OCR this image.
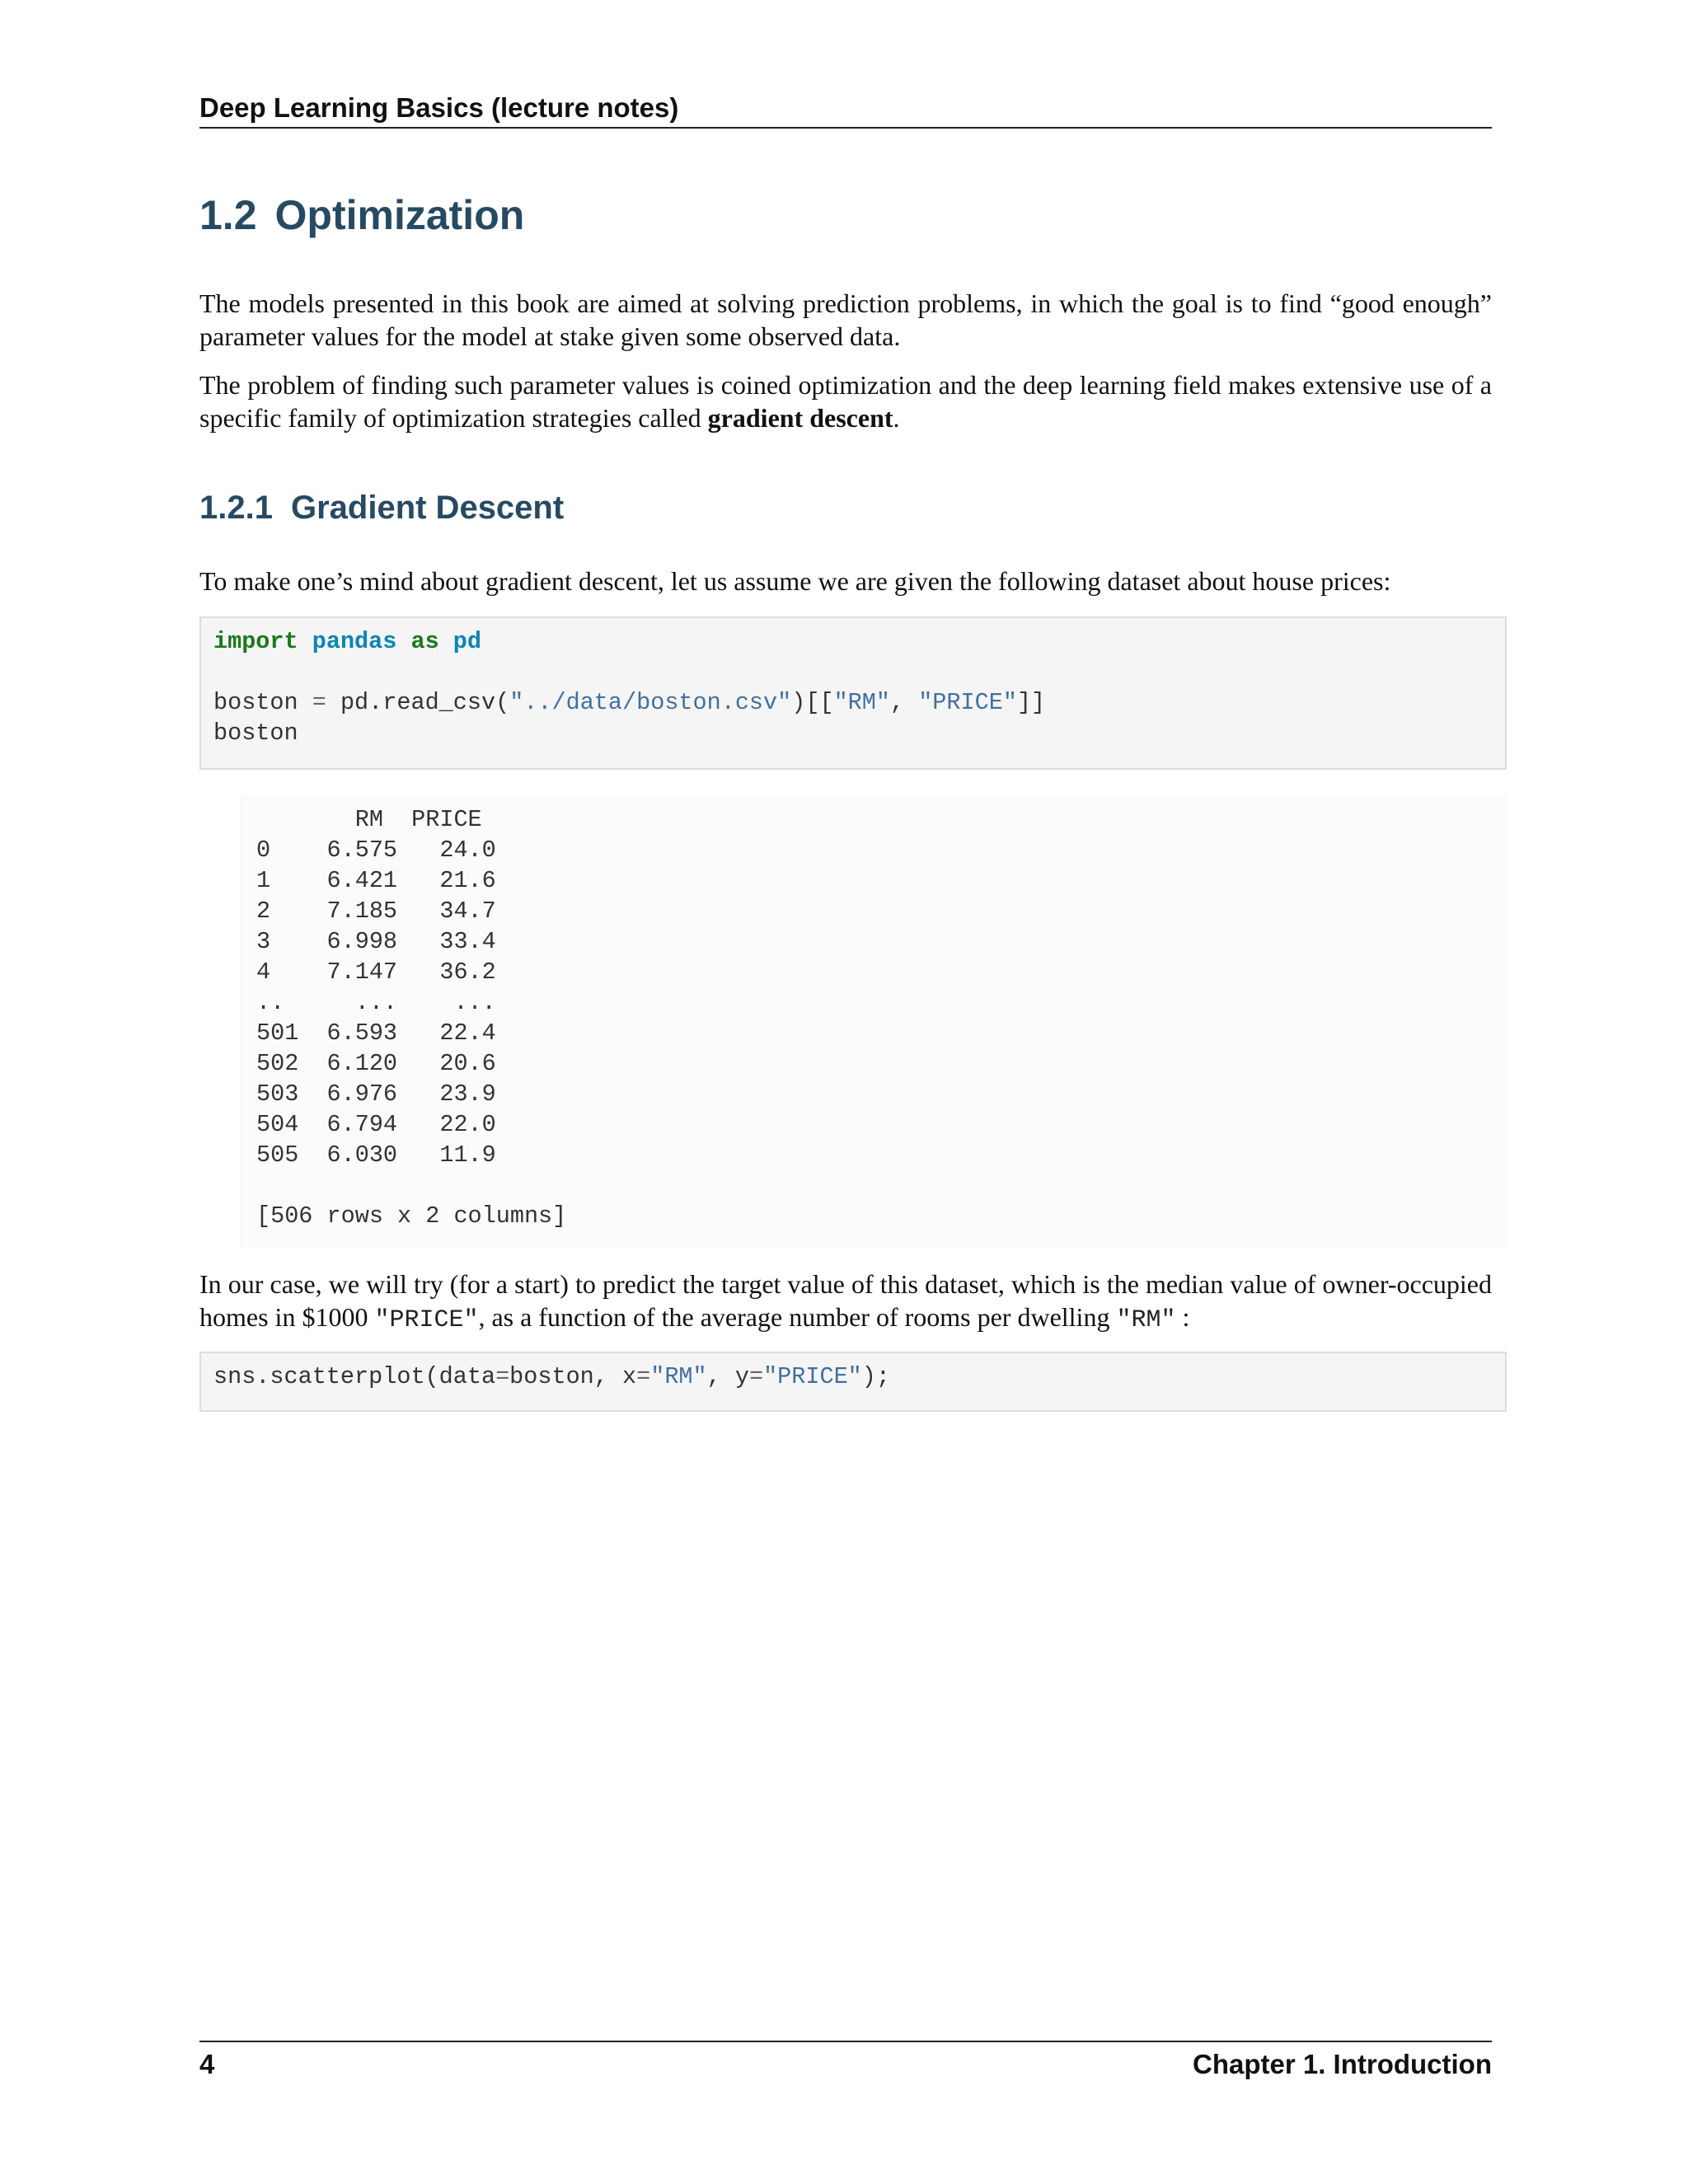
Deep Learning Basics (lecture notes)
1.2 Optimization

The models presented in this book are aimed at solving prediction problems, in which the goal is to find “good enough” parameter values for the model at stake given some observed data.

The problem of finding such parameter values is coined optimization and the deep learning field makes extensive use of a specific family of optimization strategies called gradient descent.

1.2.1 Gradient Descent

To make one’s mind about gradient descent, let us assume we are given the following dataset about house prices:

import pandas as pd

boston = pd.read_csv("../data/boston.csv")[["RM", "PRICE"]]
boston
RM  PRICE
0    6.575   24.0
1    6.421   21.6
2    7.185   34.7
3    6.998   33.4
4    7.147   36.2
..     ...    ...
501  6.593   22.4
502  6.120   20.6
503  6.976   23.9
504  6.794   22.0
505  6.030   11.9

[506 rows x 2 columns]

In our case, we will try (for a start) to predict the target value of this dataset, which is the median value of owner-occupied homes in $1000 "PRICE", as a function of the average number of rooms per dwelling "RM" :

sns.scatterplot(data=boston, x="RM", y="PRICE");
4	Chapter 1. Introduction
